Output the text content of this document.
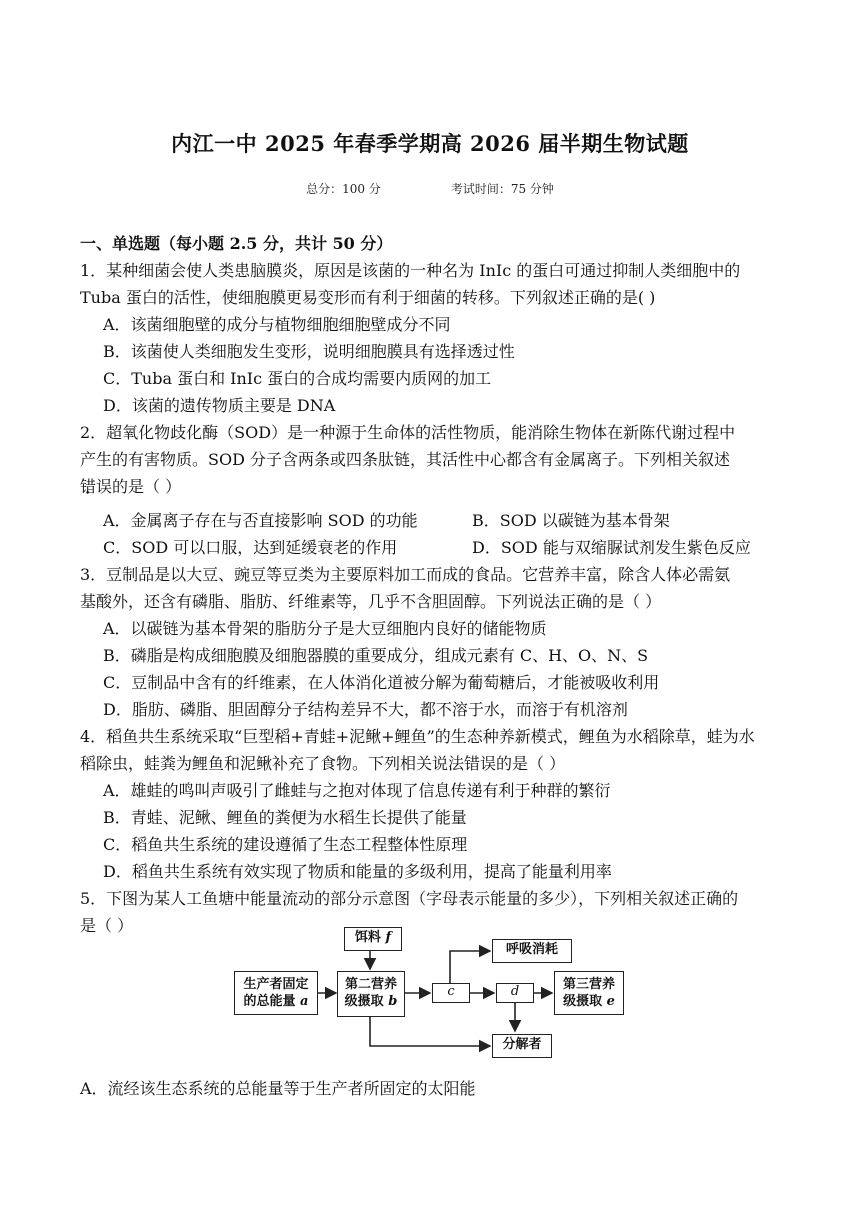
内江一中 2025 年春季学期高 2026 届半期生物试题
总分：100 分	考试时间：75 分钟
一、单选题（每小题 2.5 分，共计 50 分）
1．某种细菌会使人类患脑膜炎，原因是该菌的一种名为 InIc 的蛋白可通过抑制人类细胞中的
Tuba 蛋白的活性，使细胞膜更易变形而有利于细菌的转移。下列叙述正确的是( )
A．该菌细胞壁的成分与植物细胞细胞壁成分不同
B．该菌使人类细胞发生变形，说明细胞膜具有选择透过性
C．Tuba 蛋白和 InIc 蛋白的合成均需要内质网的加工
D．该菌的遗传物质主要是 DNA
2．超氧化物歧化酶（SOD）是一种源于生命体的活性物质，能消除生物体在新陈代谢过程中
产生的有害物质。SOD 分子含两条或四条肽链，其活性中心都含有金属离子。下列相关叙述
错误的是（ ）
A．金属离子存在与否直接影响 SOD 的功能	B．SOD 以碳链为基本骨架
C．SOD 可以口服，达到延缓衰老的作用	D．SOD 能与双缩脲试剂发生紫色反应
3．豆制品是以大豆、豌豆等豆类为主要原料加工而成的食品。它营养丰富，除含人体必需氨
基酸外，还含有磷脂、脂肪、纤维素等，几乎不含胆固醇。下列说法正确的是（ ）
A．以碳链为基本骨架的脂肪分子是大豆细胞内良好的储能物质
B．磷脂是构成细胞膜及细胞器膜的重要成分，组成元素有 C、H、O、N、S
C．豆制品中含有的纤维素，在人体消化道被分解为葡萄糖后，才能被吸收利用
D．脂肪、磷脂、胆固醇分子结构差异不大，都不溶于水，而溶于有机溶剂
4．稻鱼共生系统采取“巨型稻+青蛙+泥鳅+鲤鱼”的生态种养新模式，鲤鱼为水稻除草，蛙为水
稻除虫，蛙粪为鲤鱼和泥鳅补充了食物。下列相关说法错误的是（ ）
A．雄蛙的鸣叫声吸引了雌蛙与之抱对体现了信息传递有利于种群的繁衍
B．青蛙、泥鳅、鲤鱼的粪便为水稻生长提供了能量
C．稻鱼共生系统的建设遵循了生态工程整体性原理
D．稻鱼共生系统有效实现了物质和能量的多级利用，提高了能量利用率
5．下图为某人工鱼塘中能量流动的部分示意图（字母表示能量的多少），下列相关叙述正确的
是（ ）
饵料 f
呼吸消耗
生产者固定
的总能量 a
第二营养
级摄取 b
c	d	第三营养
级摄取 e
分解者
A．流经该生态系统的总能量等于生产者所固定的太阳能
